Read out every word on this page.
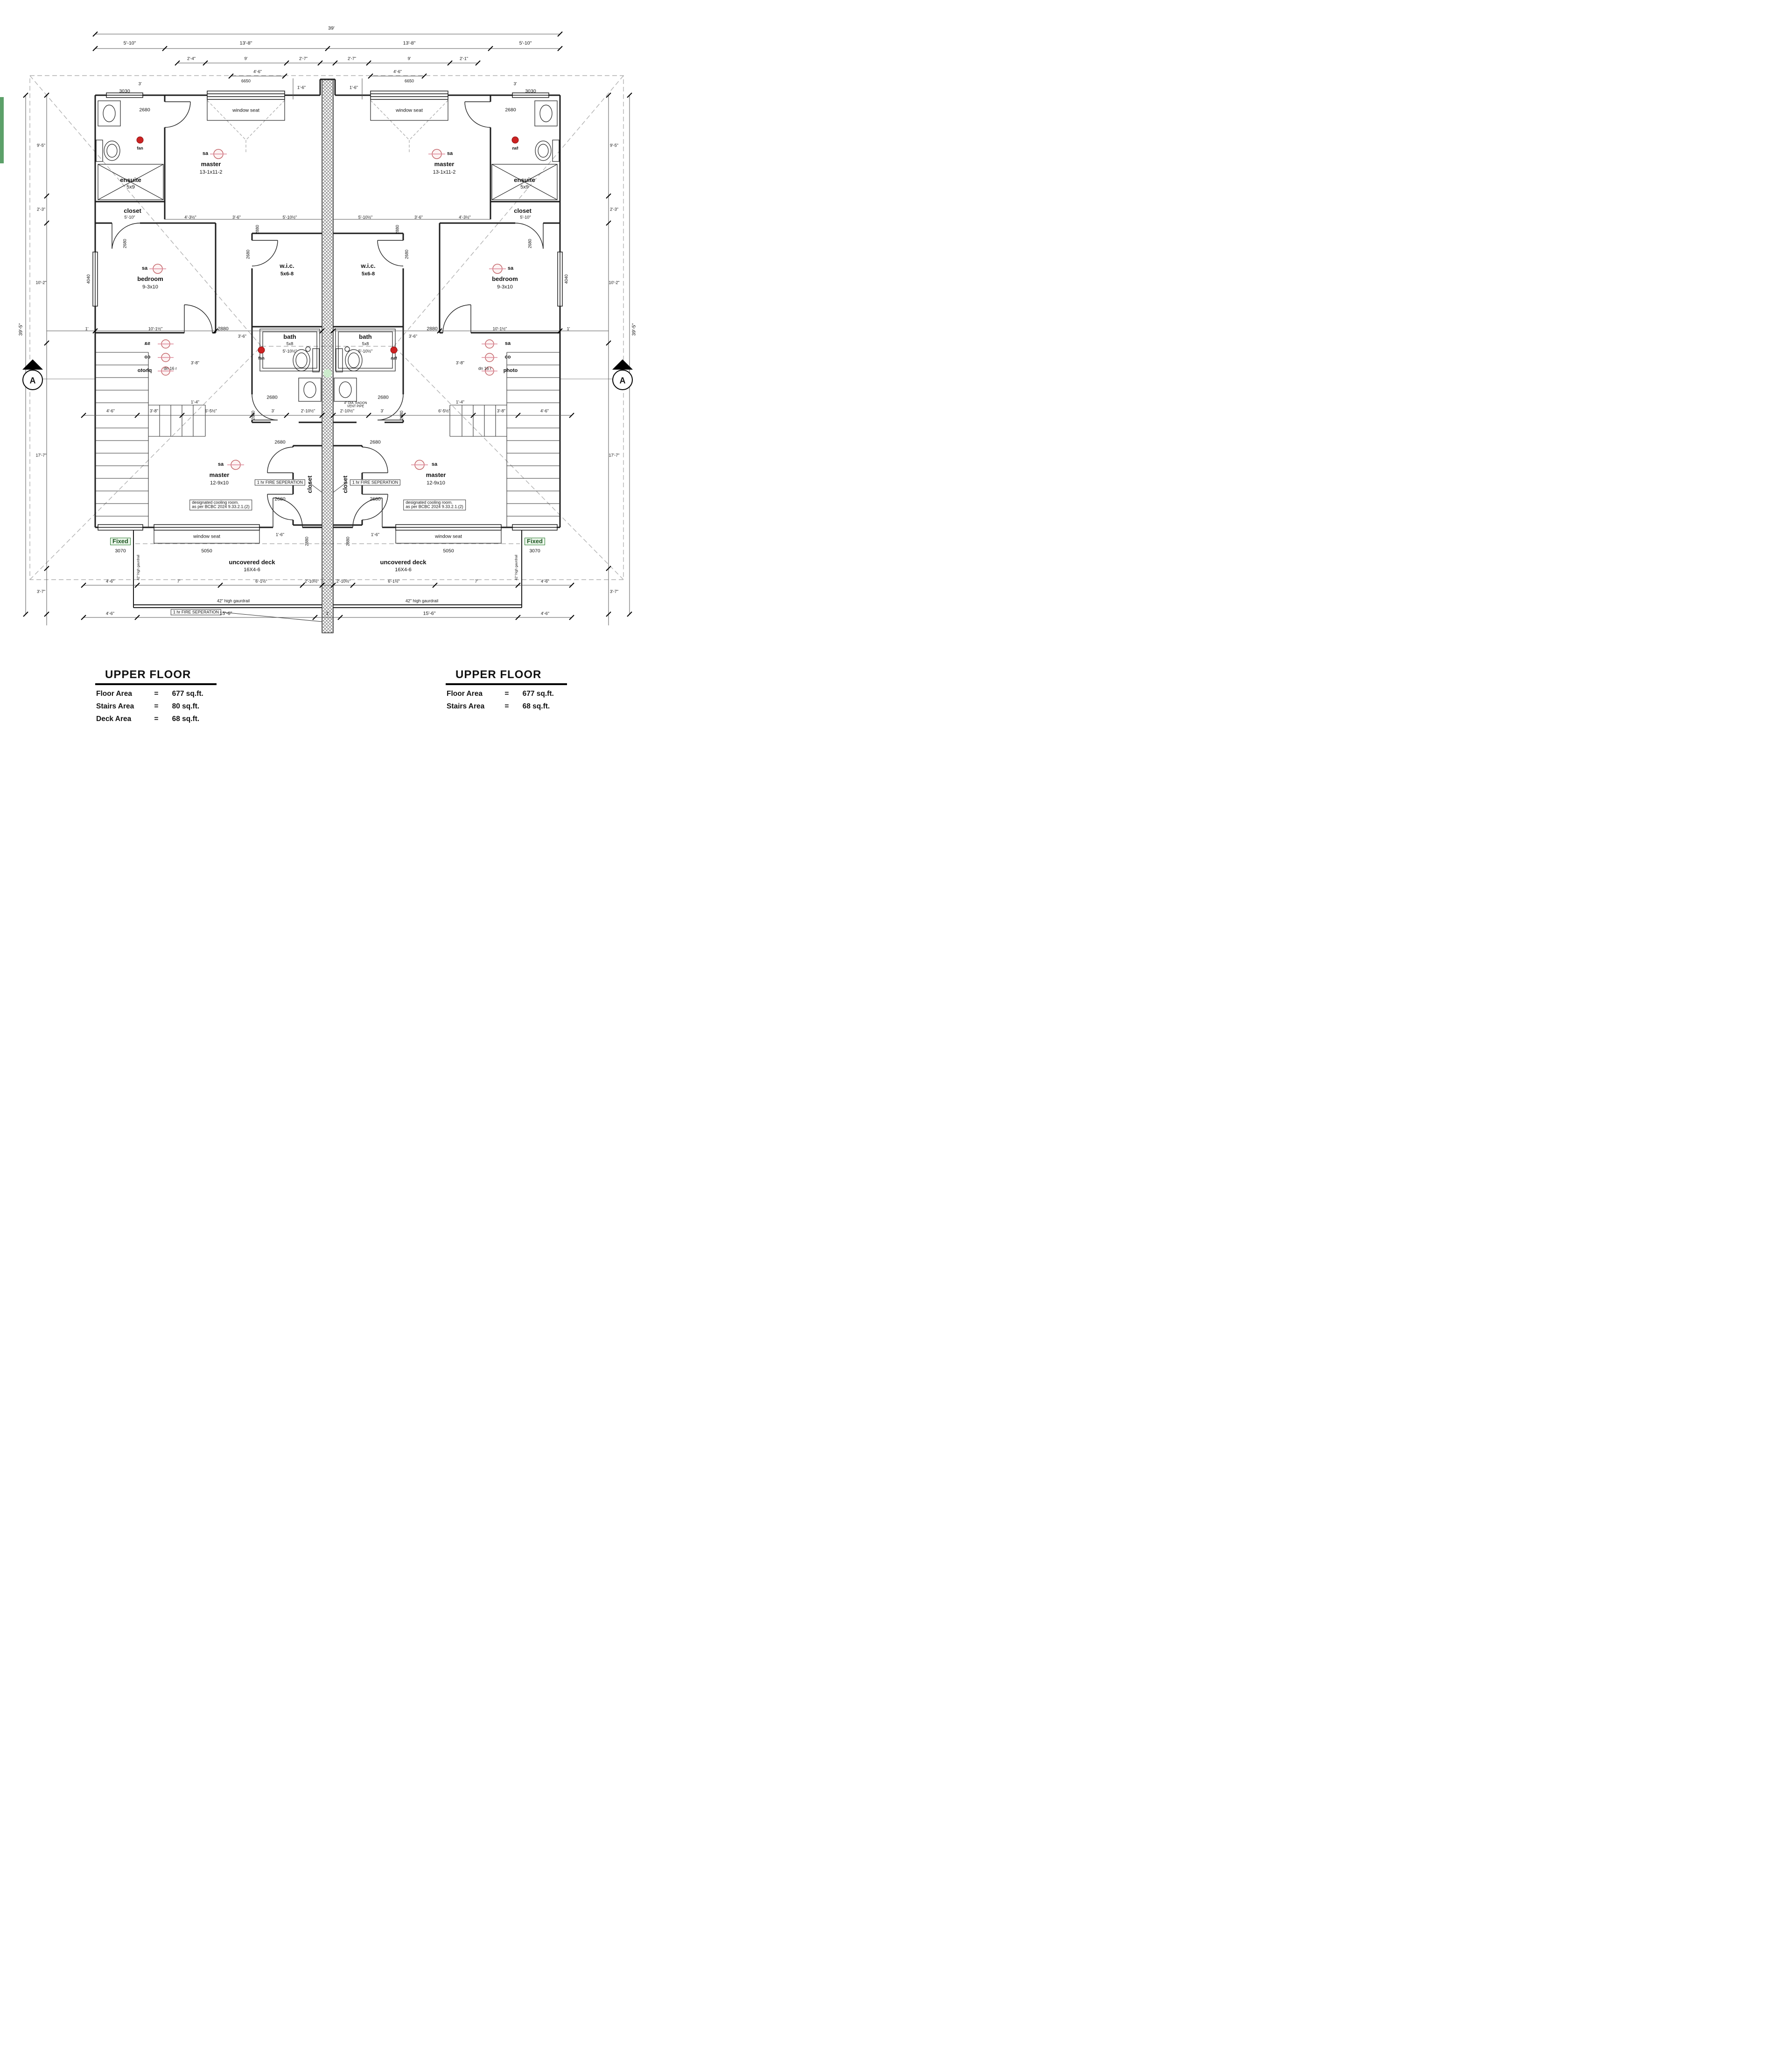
39'
5'-10"	13'-8"	13'-8"	5'-10"
2'-4"	9'	2'-7"	2'-7"	9'	2'-1"
4'-6"	4'-6"
6650	6650
1'-6"	1'-6"
3'	3'
3030	3030
window seat	window seat
39'-5"	39'-5"
9'-5"	9'-5"
2'-3"	2'-3"
10'-2"	10'-2"
17'-7"	17'-7"
3'-7"	3'-7"
A	A
2680
fan
ensuite
5x9
closet
sa
master
13-1x11-2
2680
fan
ensuite
5x9
closet
sa
master
13-1x11-2
5'-10"	4'-3½"	3'-6"
2880
5'-10½"	5'-10½"
2880
3'-6"	4'-3½"	5'-10"
2680	2680
2680	2680
4040	4040
sa
bedroom
9-3x10
sa
bedroom
9-3x10
w.i.c.
5x6-8
w.i.c.
5x6-8
bath
5x8
5'-10½"
bath
5x8
5'-10½"
1'	10'-1½"	2880
3'-6"	3'-6"
2880	10'-1½"	1'
sa
co
photo
sa
co
photo
fan	fan
dn 16 r	dn 16 r
3'-8"	3'-8"
1'-4"	1'-4"
2680	2680
4" DIA. RADON
VENT PIPE
4'-6"	3'-8"	6'-5½"	2880	3'	2'-10½"	2'-10½"	3'	2880	6'-5½"	3'-8"	4'-6"
2680	2680
2680	2680
closet	closet
sa
master
12-9x10
sa
master
12-9x10
1 hr FIRE SEPERATION	1 hr FIRE SEPERATION
designated cooling room.
as per BCBC 2024 9.33.2.1.(2)
designated cooling room.
as per BCBC 2024 9.33.2.1.(2)
window seat	window seat
Fixed	Fixed
1'-6"	1'-6"
2880	2880
3070	3070
5050	5050
uncovered deck
16X4-6
uncovered deck
16X4-6
42" high gaurdrail	42" high gaurdrail
42" high gaurdrail	42" high gaurdrail
4'-6"	7'	6'-1½"	2'-10½"	2'-10½"	6'-1½"	7'	4'-6"
1 hr FIRE SEPERATION
4'-6"	15'-6"	1'	15'-6"	4'-6"
UPPER FLOOR
Floor Area	= 677 sq.ft.
Stairs Area	= 80 sq.ft.
Deck Area	= 68 sq.ft.
UPPER FLOOR
Floor Area	= 677 sq.ft.
Stairs Area	= 68 sq.ft.
